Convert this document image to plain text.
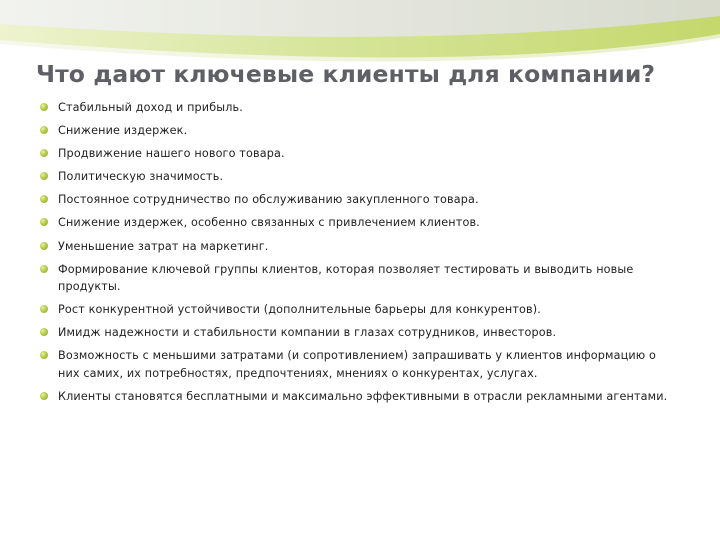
Что дают ключевые клиенты для компании?
Стабильный доход и прибыль.
Снижение издержек.
Продвижение нашего нового товара.
Политическую значимость.
Постоянное сотрудничество по обслуживанию закупленного товара.
Снижение издержек, особенно связанных с привлечением клиентов.
Уменьшение затрат на маркетинг.
Формирование ключевой группы клиентов, которая позволяет тестировать и выводить новые продукты.
Рост конкурентной устойчивости (дополнительные барьеры для конкурентов).
Имидж надежности и стабильности компании в глазах сотрудников, инвесторов.
Возможность с меньшими затратами (и сопротивлением) запрашивать у клиентов информацию о них самих, их потребностях, предпочтениях, мнениях о конкурентах, услугах.
Клиенты становятся бесплатными и максимально эффективными в отрасли рекламными агентами.
